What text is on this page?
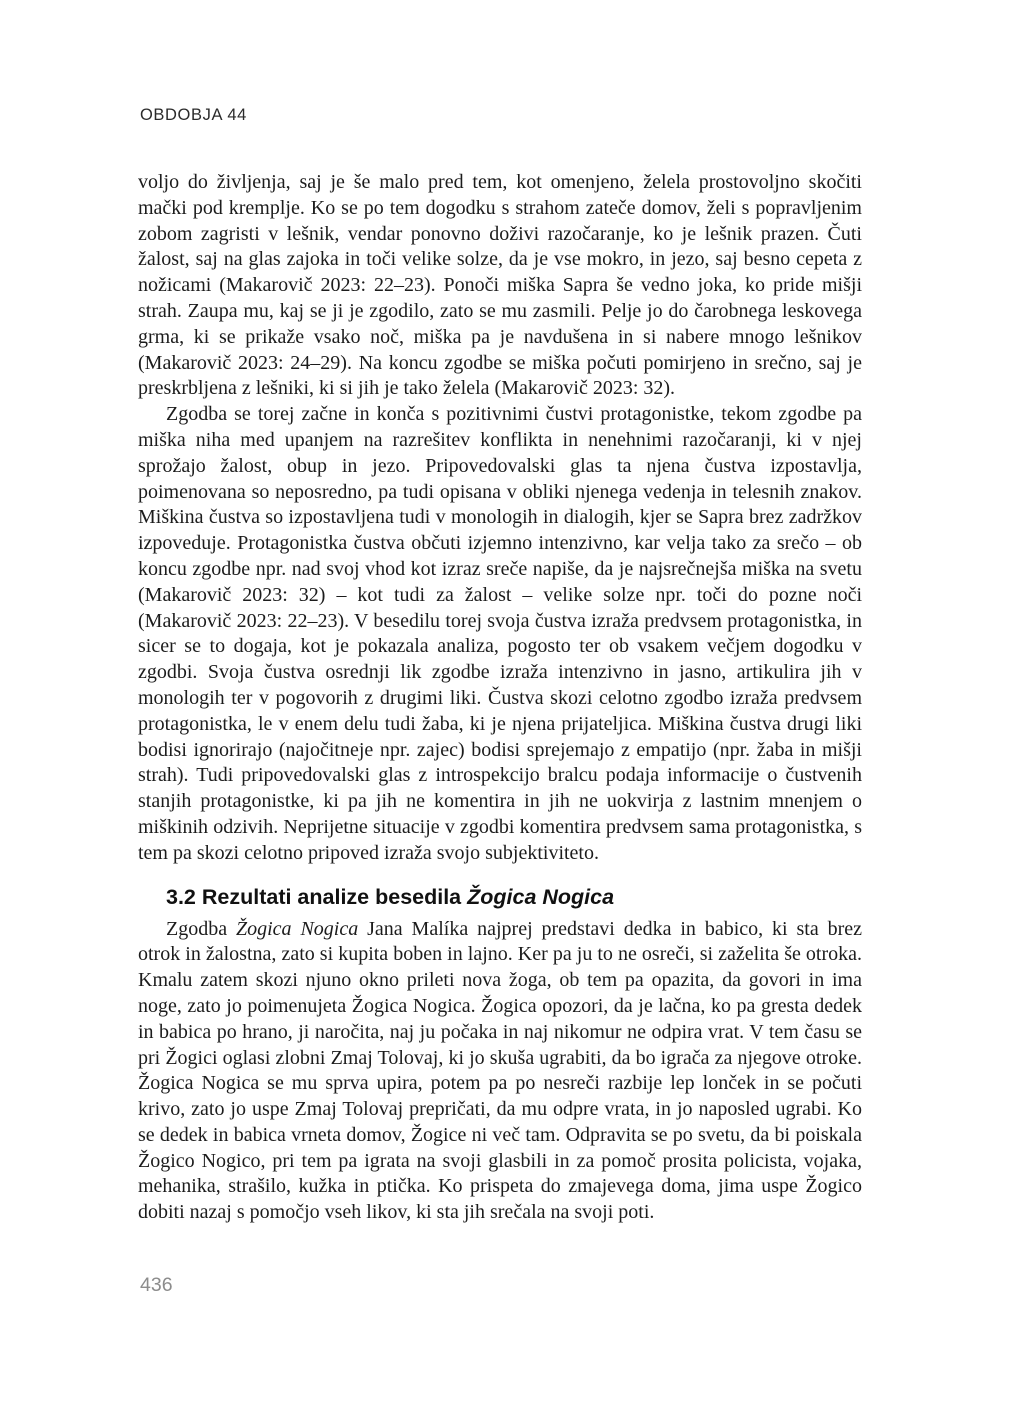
OBDOBJA 44

voljo do življenja, saj je še malo pred tem, kot omenjeno, želela prostovoljno skočiti mački pod kremplje. Ko se po tem dogodku s strahom zateče domov, želi s popravljenim zobom zagristi v lešnik, vendar ponovno doživi razočaranje, ko je lešnik prazen. Čuti žalost, saj na glas zajoka in toči velike solze, da je vse mokro, in jezo, saj besno cepeta z nožicami (Makarovič 2023: 22–23). Ponoči miška Sapra še vedno joka, ko pride mišji strah. Zaupa mu, kaj se ji je zgodilo, zato se mu zasmili. Pelje jo do čarobnega leskovega grma, ki se prikaže vsako noč, miška pa je navdušena in si nabere mnogo lešnikov (Makarovič 2023: 24–29). Na koncu zgodbe se miška počuti pomirjeno in srečno, saj je preskrbljena z lešniki, ki si jih je tako želela (Makarovič 2023: 32).

Zgodba se torej začne in konča s pozitivnimi čustvi protagonistke, tekom zgodbe pa miška niha med upanjem na razrešitev konflikta in nenehnimi razočaranji, ki v njej sprožajo žalost, obup in jezo. Pripovedovalski glas ta njena čustva izpostavlja, poimenovana so neposredno, pa tudi opisana v obliki njenega vedenja in telesnih znakov. Miškina čustva so izpostavljena tudi v monologih in dialogih, kjer se Sapra brez zadržkov izpoveduje. Protagonistka čustva občuti izjemno intenzivno, kar velja tako za srečo – ob koncu zgodbe npr. nad svoj vhod kot izraz sreče napiše, da je najsrečnejša miška na svetu (Makarovič 2023: 32) – kot tudi za žalost – velike solze npr. toči do pozne noči (Makarovič 2023: 22–23). V besedilu torej svoja čustva izraža predvsem protagonistka, in sicer se to dogaja, kot je pokazala analiza, pogosto ter ob vsakem večjem dogodku v zgodbi. Svoja čustva osrednji lik zgodbe izraža intenzivno in jasno, artikulira jih v monologih ter v pogovorih z drugimi liki. Čustva skozi celotno zgodbo izraža predvsem protagonistka, le v enem delu tudi žaba, ki je njena prijateljica. Miškina čustva drugi liki bodisi ignorirajo (najočitneje npr. zajec) bodisi sprejemajo z empatijo (npr. žaba in mišji strah). Tudi pripovedovalski glas z introspekcijo bralcu podaja informacije o čustvenih stanjih protagonistke, ki pa jih ne komentira in jih ne uokvirja z lastnim mnenjem o miškinih odzivih. Neprijetne situacije v zgodbi komentira predvsem sama protagonistka, s tem pa skozi celotno pripoved izraža svojo subjektiviteto.

3.2 Rezultati analize besedila Žogica Nogica

Zgodba Žogica Nogica Jana Malíka najprej predstavi dedka in babico, ki sta brez otrok in žalostna, zato si kupita boben in lajno. Ker pa ju to ne osreči, si zaželita še otroka. Kmalu zatem skozi njuno okno prileti nova žoga, ob tem pa opazita, da govori in ima noge, zato jo poimenujeta Žogica Nogica. Žogica opozori, da je lačna, ko pa gresta dedek in babica po hrano, ji naročita, naj ju počaka in naj nikomur ne odpira vrat. V tem času se pri Žogici oglasi zlobni Zmaj Tolovaj, ki jo skuša ugrabiti, da bo igrača za njegove otroke. Žogica Nogica se mu sprva upira, potem pa po nesreči razbije lep lonček in se počuti krivo, zato jo uspe Zmaj Tolovaj prepričati, da mu odpre vrata, in jo naposled ugrabi. Ko se dedek in babica vrneta domov, Žogice ni več tam. Odpravita se po svetu, da bi poiskala Žogico Nogico, pri tem pa igrata na svoji glasbili in za pomoč prosita policista, vojaka, mehanika, strašilo, kužka in ptička. Ko prispeta do zmajevega doma, jima uspe Žogico dobiti nazaj s pomočjo vseh likov, ki sta jih srečala na svoji poti.

436
